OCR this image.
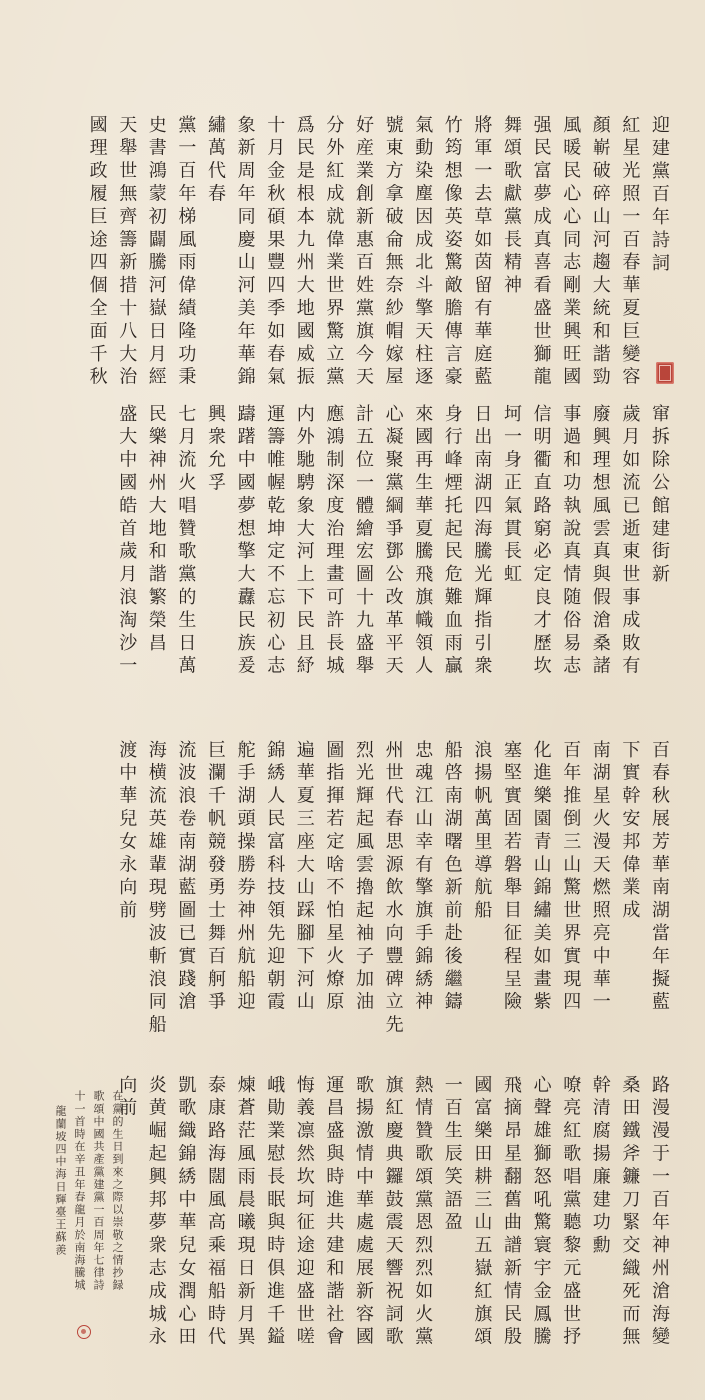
迎建黨百年詩詞
紅星光照一百春華夏巨變容
顏嶄破碎山河趨大統和諧勁
風暖民心心同志剛業興旺國
强民富夢成真喜看盛世獅龍
舞頌歌獻黨長精神
將軍一去草如茵留有華庭藍
竹筠想像英姿驚敵膽傳言豪
氣動染塵因成北斗擎天柱逐
號東方拿破侖無奈紗帽嫁屋
好産業創新惠百姓黨旗今天
分外紅成就偉業世界驚立黨
爲民是根本九州大地國威振
十月金秋碩果豐四季如春氣
象新周年同慶山河美年華錦
繡萬代春
黨一百年梯風雨偉績隆功秉
史書鴻蒙初闢騰河嶽日月經
天舉世無齊籌新措十八大治
國理政履巨途四個全面千秋
窜拆除公館建街新
歲月如流已逝東世事成敗有
廢興理想風雲真與假滄桑諸
事過和功執說真情随俗易志
信明衢直路窮必定良才歷坎
坷一身正氣貫長虹
日出南湖四海騰光輝指引衆
身行峰煙托起民危難血雨贏
來國再生華夏騰飛旗幟領人
心凝聚黨綱爭鄧公改革平天
計五位一體繪宏圖十九盛舉
應鴻制深度治理畫可許長城
内外馳騁象大河上下民且紓
運籌帷幄乾坤定不忘初心志
躊躇中國夢想擎大纛民族爰
興衆允孚
七月流火唱贊歌黨的生日萬
民樂神州大地和諧繁榮昌
盛大中國皓首歲月浪淘沙一
百春秋展芳華南湖當年擬藍
下實幹安邦偉業成
南湖星火漫天燃照亮中華一
百年推倒三山驚世界實現四
化進樂園青山錦繡美如畫紫
塞堅實固若磐舉目征程呈險
浪揚帆萬里導航船
船啓南湖曙色新前赴後繼鑄
忠魂江山幸有擎旗手錦綉神
州世代春思源飲水向豐碑立先
烈光輝起風雲擼起袖子加油
圖指揮若定啥不怕星火燎原
遍華夏三座大山踩腳下河山
錦綉人民富科技領先迎朝霞
舵手湖頭操勝券神州航船迎
巨瀾千帆競發勇士舞百舸爭
流波浪卷南湖藍圖已實踐滄
海横流英雄輩現劈波斬浪同船
渡中華兒女永向前
路漫漫于一百年神州滄海變
桑田鐵斧鐮刀緊交織死而無
幹清腐揚廉建功勳
嘹亮紅歌唱黨聽黎元盛世抒
心聲雄獅怒吼驚寰宇金鳳騰
飛摘昂星翻舊曲譜新情民殷
國富樂田耕三山五嶽紅旗頌
一百生辰笑語盈
熱情贊歌頌黨恩烈烈如火黨
旗紅慶典鑼鼓震天響祝詞歌
歌揚激情中華處處展新容國
運昌盛與時進共建和諧社會
悔義凛然坎坷征途迎盛世嗟
峨勛業慰長眠與時俱進千鎰
煉蒼茫風雨晨曦現日新月異
泰康路海闊風高乘福船時代
凱歌織錦綉中華兒女潤心田
炎黄崛起興邦夢衆志成城永
向前
在黨的生日到來之際以崇敬之情抄録
歌頌中國共產黨建黨一百周年七律詩
十一首時在辛丑年春龍月於南海騰城
龍蘭坡四中海日輝臺王蘇羨
